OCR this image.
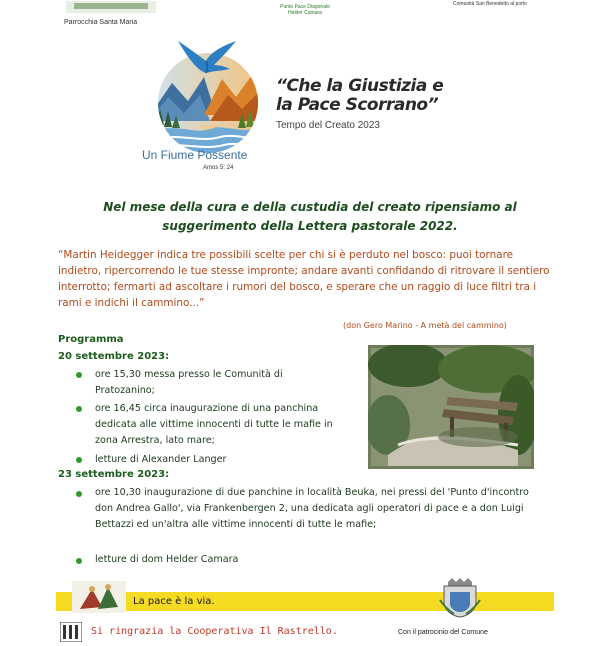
Punto Pace Diagonale
Helder Camara
Comunità San Benedetto al porto
Parrocchia Santa Maria
Un Fiume Possente
Amos 5: 24
“Che la Giustizia e
la Pace Scorrano”
Tempo del Creato 2023
Nel mese della cura e della custudia del creato ripensiamo al
suggerimento della Lettera pastorale 2022.
“Martin Heidegger indica tre possibili scelte per chi si è perduto nel bosco: puoi tornare indietro, ripercorrendo le tue stesse impronte; andare avanti confidando di ritrovare il sentiero interrotto; fermarti ad ascoltare i rumori del bosco, e sperare che un raggio di luce filtri tra i rami e indichi il cammino...”
(don Gero Marino - A metà del cammino)
Programma
20 settembre 2023:
ore 15,30 messa presso le Comunità di Pratozanino;
ore 16,45 circa inaugurazione di una panchina dedicata alle vittime innocenti di tutte le mafie in zona Arrestra, lato mare;
letture di Alexander Langer
23 settembre 2023:
ore 10,30 inaugurazione di due panchine in località Beuka, nei pressi del 'Punto d'incontro don Andrea Gallo', via Frankenbergen 2, una dedicata agli operatori di pace e a don Luigi Bettazzi ed un'altra alle vittime innocenti di tutte le mafie;
letture di dom Helder Camara
La pace è la via.
Si ringrazia la Cooperativa Il Rastrello.	Con il patrocinio del Comune
